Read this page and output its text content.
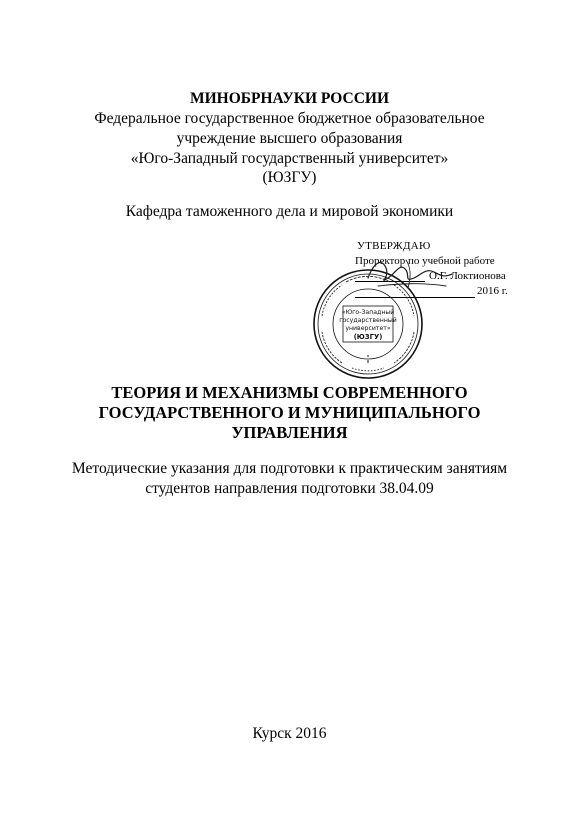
МИНОБРНАУКИ РОССИИ
Федеральное государственное бюджетное образовательное
учреждение высшего образования
«Юго-Западный государственный университет»
(ЮЗГУ)
Кафедра таможенного дела и мировой экономики
УТВЕРЖДАЮ
Проректор по учебной работе
О.Г. Локтионова
2016 г.
«Юго-Западный
государственный
университет»
(ЮЗГУ)
ТЕОРИЯ И МЕХАНИЗМЫ СОВРЕМЕННОГО
ГОСУДАРСТВЕННОГО И МУНИЦИПАЛЬНОГО
УПРАВЛЕНИЯ
Методические указания для подготовки к практическим занятиям
студентов направления подготовки 38.04.09
Курск 2016
